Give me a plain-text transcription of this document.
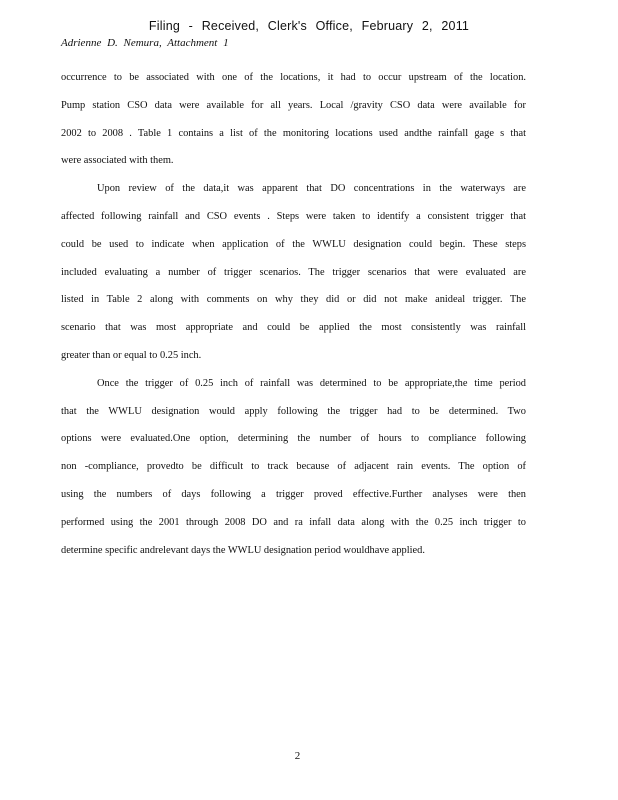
Filing - Received, Clerk's Office, February 2, 2011
Adrienne D. Nemura, Attachment 1
occurrence to be associated with one of the locations, it had to occur upstream of the location.
Pump station CSO data were available for all years. Local /gravity CSO data were available for
2002 to 2008 . Table 1 contains a list of the monitoring locations used andthe rainfall gage s that
were associated with them.
Upon review of the data,it was apparent that DO concentrations in the waterways are
affected following rainfall and CSO events . Steps were taken to identify a consistent trigger that
could be used to indicate when application of the WWLU designation could begin. These steps
included evaluating a number of trigger scenarios. The trigger scenarios that were evaluated are
listed in Table 2 along with comments on why they did or did not make anideal trigger. The
scenario that was most appropriate and could be applied the most consistently was rainfall
greater than or equal to 0.25 inch.
Once the trigger of 0.25 inch of rainfall was determined to be appropriate,the time period
that the WWLU designation would apply following the trigger had to be determined. Two
options were evaluated.One option, determining the number of hours to compliance following
non -compliance, provedto be difficult to track because of adjacent rain events. The option of
using the numbers of days following a trigger proved effective.Further analyses were then
performed using the 2001 through 2008 DO and ra infall data along with the 0.25 inch trigger to
determine specific andrelevant days the WWLU designation period wouldhave applied.
2
